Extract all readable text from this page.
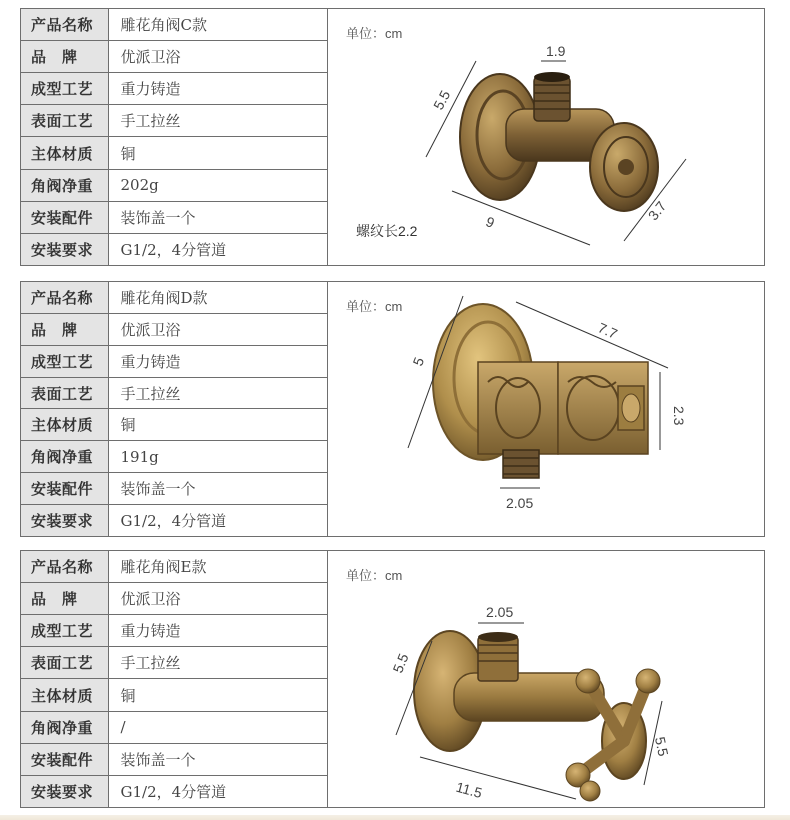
产品名称	雕花角阀C款
品　牌	优派卫浴
成型工艺	重力铸造
表面工艺	手工拉丝
主体材质	铜
角阀净重	202g
安装配件	装饰盖一个
安装要求	G1/2，4分管道
单位：cm
1.9
5.5
9	3.7
螺纹长2.2
产品名称	雕花角阀D款
品　牌	优派卫浴
成型工艺	重力铸造
表面工艺	手工拉丝
主体材质	铜
角阀净重	191g
安装配件	装饰盖一个
安装要求	G1/2，4分管道
单位：cm
7.7
5
2.3
2.05
产品名称	雕花角阀E款
品　牌	优派卫浴
成型工艺	重力铸造
表面工艺	手工拉丝
主体材质	铜
角阀净重	/
安装配件	装饰盖一个
安装要求	G1/2，4分管道
单位：cm
2.05
5.5
5.5
11.5
